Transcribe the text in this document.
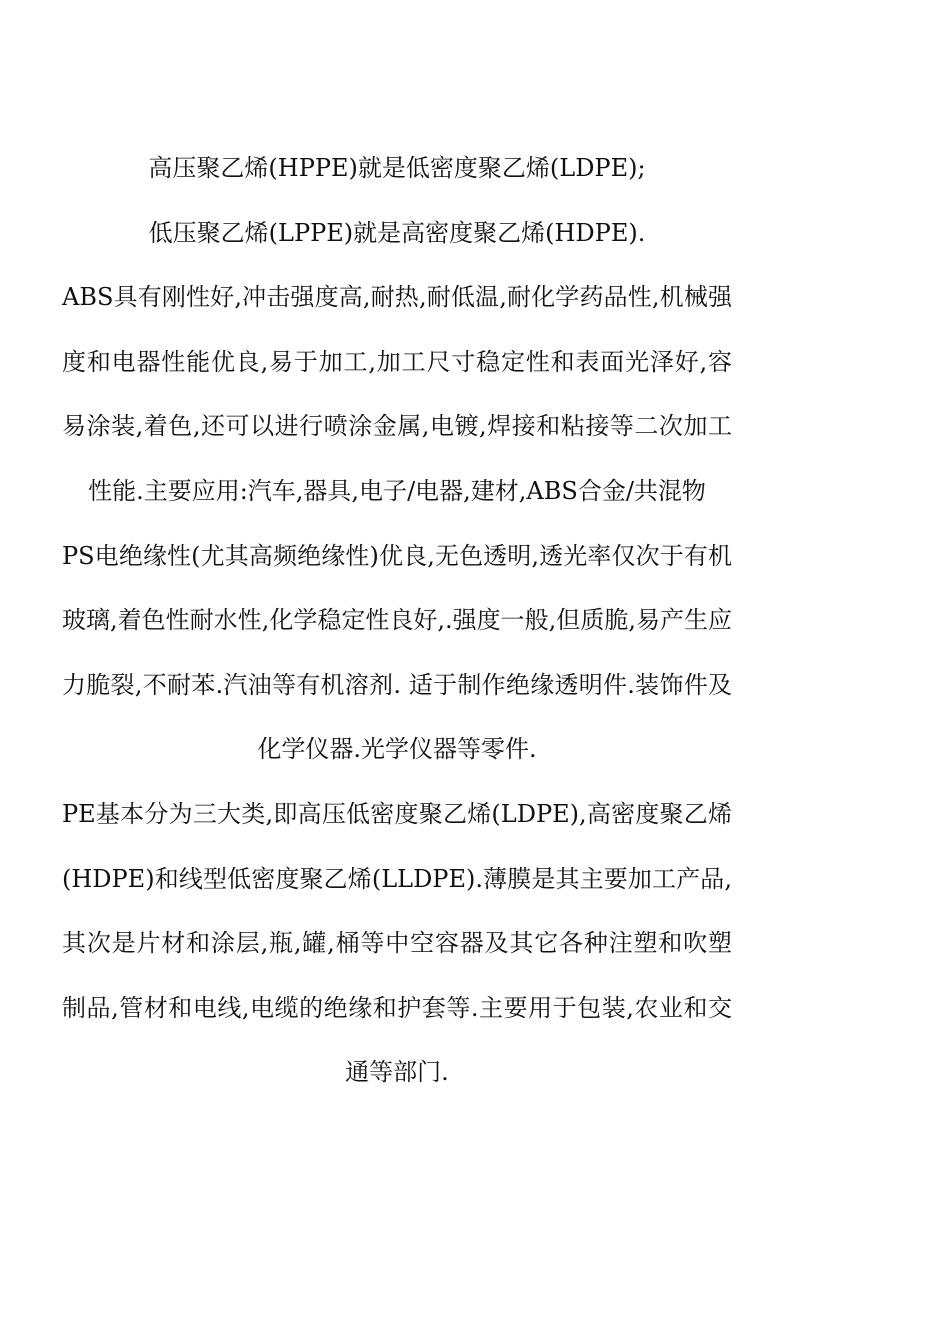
高压聚乙烯(HPPE)就是低密度聚乙烯(LDPE);

低压聚乙烯(LPPE)就是高密度聚乙烯(HDPE).

ABS具有刚性好,冲击强度高,耐热,耐低温,耐化学药品性,机械强度和电器性能优良,易于加工,加工尺寸稳定性和表面光泽好,容易涂装,着色,还可以进行喷涂金属,电镀,焊接和粘接等二次加工性能.主要应用:汽车,器具,电子/电器,建材,ABS合金/共混物

PS电绝缘性(尤其高频绝缘性)优良,无色透明,透光率仅次于有机玻璃,着色性耐水性,化学稳定性良好,.强度一般,但质脆,易产生应力脆裂,不耐苯.汽油等有机溶剂. 适于制作绝缘透明件.装饰件及化学仪器.光学仪器等零件.

PE基本分为三大类,即高压低密度聚乙烯(LDPE),高密度聚乙烯(HDPE)和线型低密度聚乙烯(LLDPE).薄膜是其主要加工产品,其次是片材和涂层,瓶,罐,桶等中空容器及其它各种注塑和吹塑制品,管材和电线,电缆的绝缘和护套等.主要用于包装,农业和交通等部门.
